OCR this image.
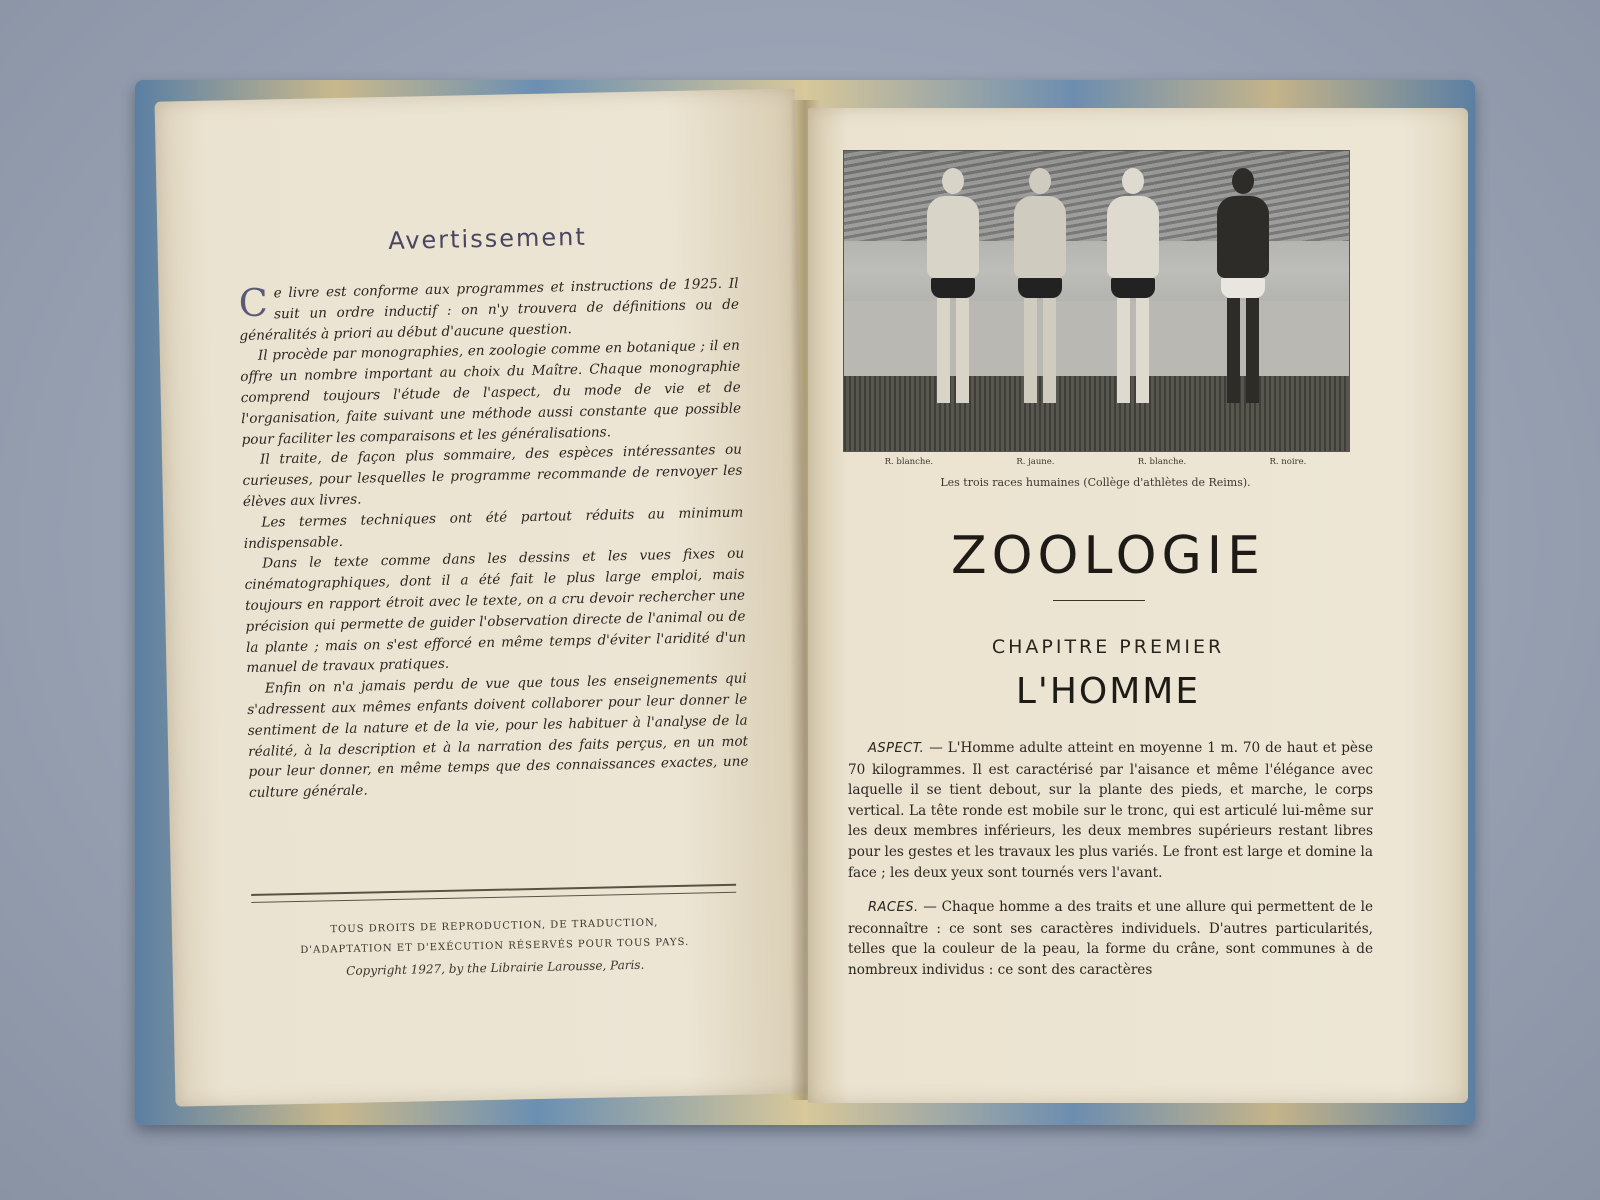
Avertissement

Ce livre est conforme aux programmes et instructions de 1925. Il suit un ordre inductif : on n'y trouvera de définitions ou de généralités à priori au début d'aucune question.

Il procède par monographies, en zoologie comme en botanique ; il en offre un nombre important au choix du Maître. Chaque monographie comprend toujours l'étude de l'aspect, du mode de vie et de l'organisation, faite suivant une méthode aussi constante que possible pour faciliter les comparaisons et les généralisations.

Il traite, de façon plus sommaire, des espèces intéressantes ou curieuses, pour lesquelles le programme recommande de renvoyer les élèves aux livres.

Les termes techniques ont été partout réduits au minimum indispensable.

Dans le texte comme dans les dessins et les vues fixes ou cinématographiques, dont il a été fait le plus large emploi, mais toujours en rapport étroit avec le texte, on a cru devoir rechercher une précision qui permette de guider l'observation directe de l'animal ou de la plante ; mais on s'est efforcé en même temps d'éviter l'aridité d'un manuel de travaux pratiques.

Enfin on n'a jamais perdu de vue que tous les enseignements qui s'adressent aux mêmes enfants doivent collaborer pour leur donner le sentiment de la nature et de la vie, pour les habituer à l'analyse de la réalité, à la description et à la narration des faits perçus, en un mot pour leur donner, en même temps que des connaissances exactes, une culture générale.

TOUS DROITS DE REPRODUCTION, DE TRADUCTION,
D'ADAPTATION ET D'EXÉCUTION RÉSERVÉS POUR TOUS PAYS.
Copyright 1927, by the Librairie Larousse, Paris.
R. blanche.	R. jaune.	R. blanche.	R. noire.
Les trois races humaines (Collège d'athlètes de Reims).
ZOOLOGIE
CHAPITRE PREMIER
L'HOMME

ASPECT. — L'Homme adulte atteint en moyenne 1 m. 70 de haut et pèse 70 kilogrammes. Il est caractérisé par l'aisance et même l'élégance avec laquelle il se tient debout, sur la plante des pieds, et marche, le corps vertical. La tête ronde est mobile sur le tronc, qui est articulé lui-même sur les deux membres inférieurs, les deux membres supérieurs restant libres pour les gestes et les travaux les plus variés. Le front est large et domine la face ; les deux yeux sont tournés vers l'avant.

RACES. — Chaque homme a des traits et une allure qui permettent de le reconnaître : ce sont ses caractères individuels. D'autres particularités, telles que la couleur de la peau, la forme du crâne, sont communes à de nombreux individus : ce sont des caractères
